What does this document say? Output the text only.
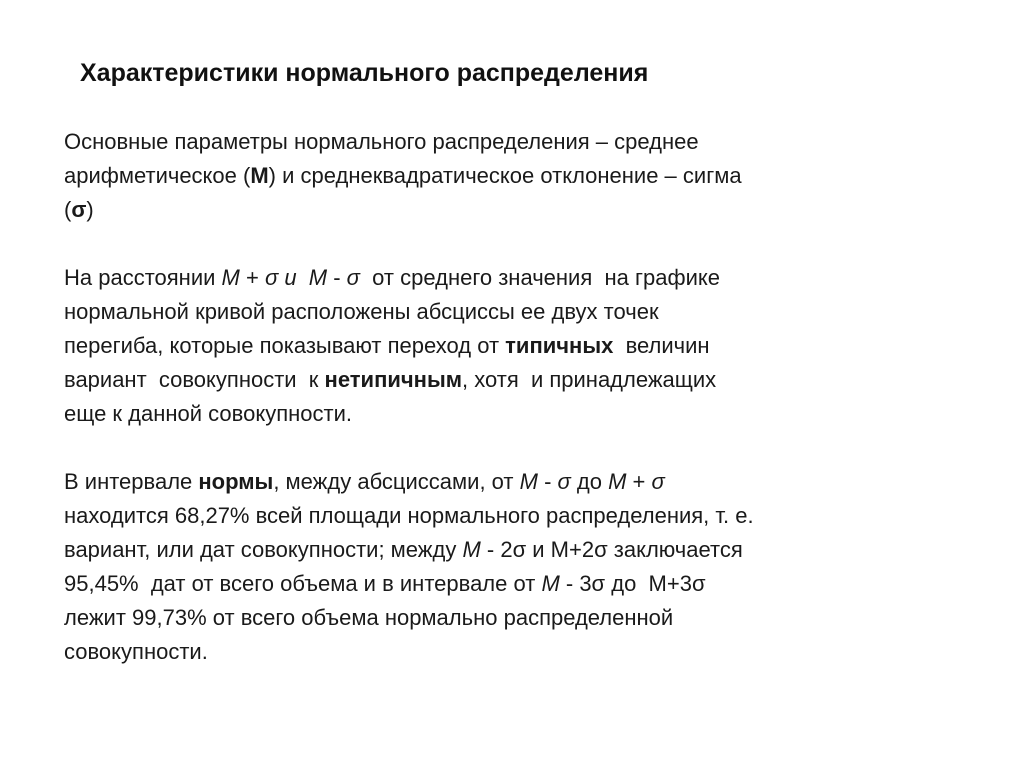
Характеристики нормального распределения
Основные параметры нормального распределения – среднее
арифметическое (М) и среднеквадратическое отклонение – сигма
(σ)
На расстоянии М + σ и  М - σ  от среднего значения  на графике
нормальной кривой расположены абсциссы ее двух точек
перегиба, которые показывают переход от типичных  величин
вариант  совокупности  к нетипичным, хотя  и принадлежащих
еще к данной совокупности.
В интервале нормы, между абсциссами, от М - σ до М + σ
находится 68,27% всей площади нормального распределения, т. е.
вариант, или дат совокупности; между М - 2σ и М+2σ заключается
95,45%  дат от всего объема и в интервале от М - 3σ до  М+3σ
лежит 99,73% от всего объема нормально распределенной
совокупности.
